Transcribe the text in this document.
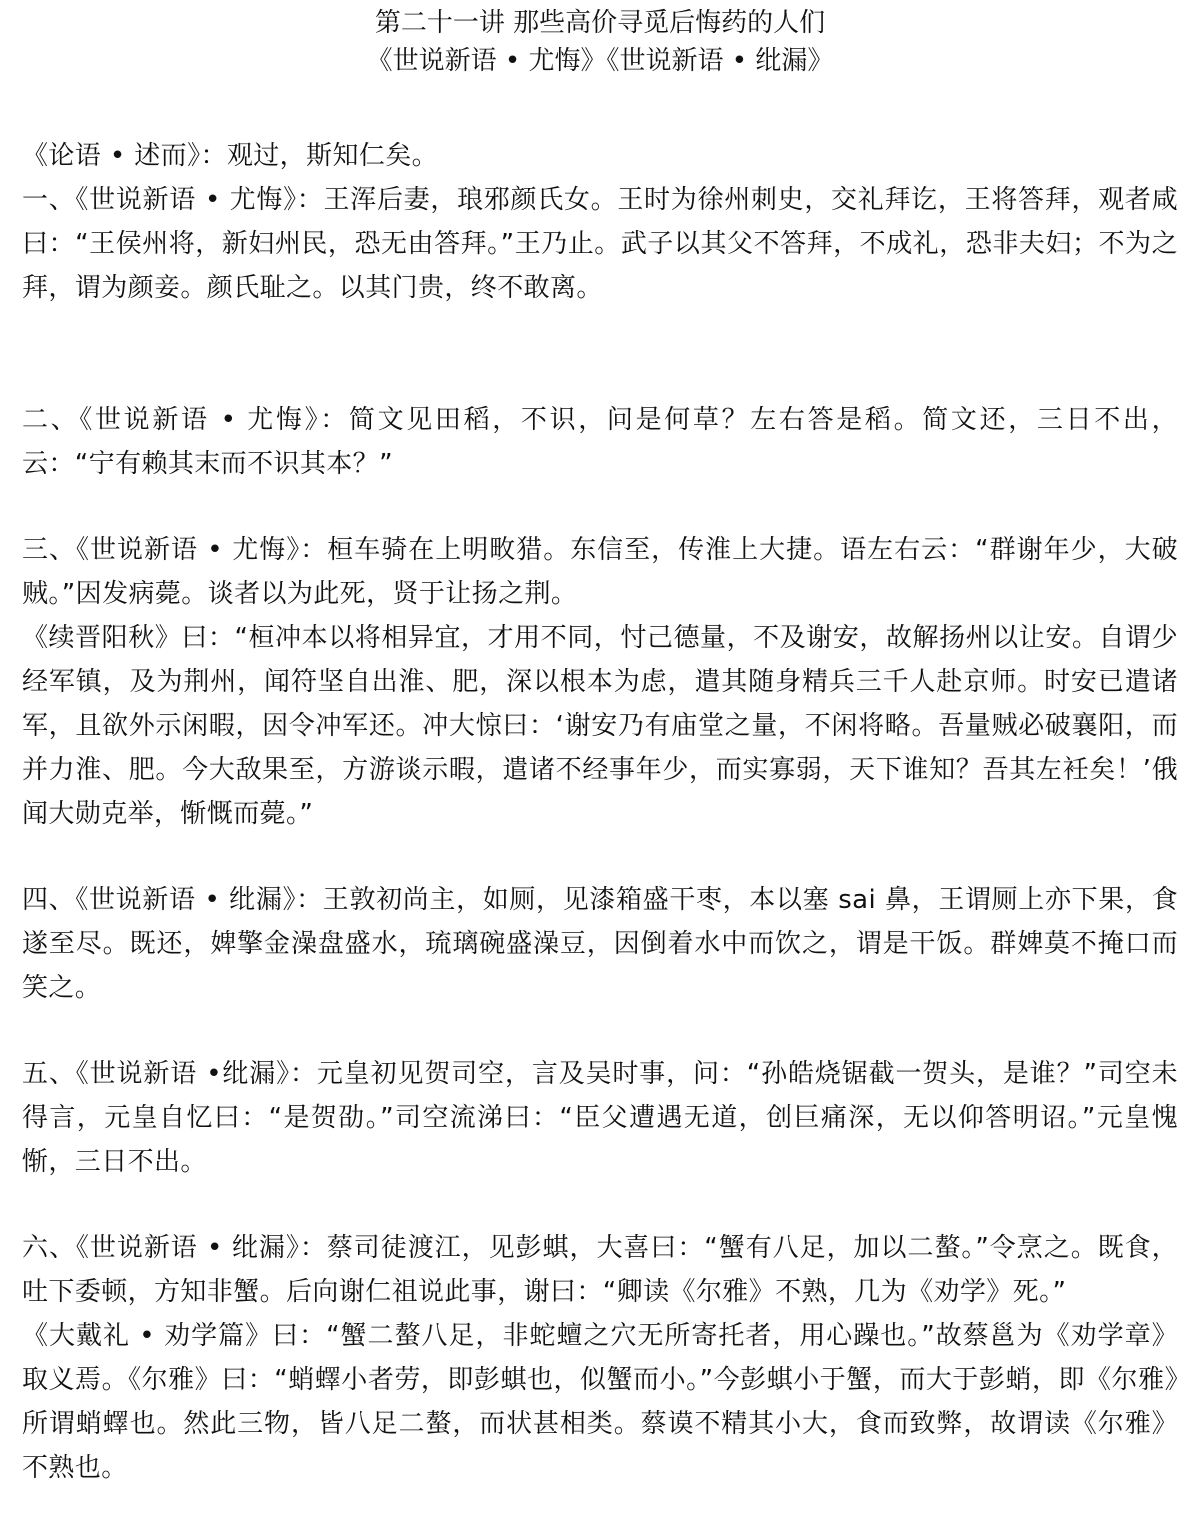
第二十一讲 那些高价寻觅后悔药的人们
《世说新语 • 尤悔》《世说新语 • 纰漏》

《论语 • 述而》：观过，斯知仁矣。

一、《世说新语 • 尤悔》：王浑后妻，琅邪颜氏女。王时为徐州刺史，交礼拜讫，王将答拜，观者咸曰：“王侯州将，新妇州民，恐无由答拜。”王乃止。武子以其父不答拜，不成礼，恐非夫妇；不为之拜，谓为颜妾。颜氏耻之。以其门贵，终不敢离。

二、《世说新语 • 尤悔》：简文见田稻，不识，问是何草？左右答是稻。简文还，三日不出，云：“宁有赖其末而不识其本？”

三、《世说新语 • 尤悔》：桓车骑在上明畋猎。东信至，传淮上大捷。语左右云：“群谢年少，大破贼。”因发病薨。谈者以为此死，贤于让扬之荆。

《续晋阳秋》曰：“桓冲本以将相异宜，才用不同，忖己德量，不及谢安，故解扬州以让安。自谓少经军镇，及为荆州，闻符坚自出淮、肥，深以根本为虑，遣其随身精兵三千人赴京师。时安已遣诸军，且欲外示闲暇，因令冲军还。冲大惊曰：‘谢安乃有庙堂之量，不闲将略。吾量贼必破襄阳，而并力淮、肥。今大敌果至，方游谈示暇，遣诸不经事年少，而实寡弱，天下谁知？吾其左衽矣！’俄闻大勋克举，惭慨而薨。”

四、《世说新语 • 纰漏》：王敦初尚主，如厕，见漆箱盛干枣，本以塞 sai 鼻，王谓厕上亦下果，食遂至尽。既还，婢擎金澡盘盛水，琉璃碗盛澡豆，因倒着水中而饮之，谓是干饭。群婢莫不掩口而笑之。

五、《世说新语 •纰漏》：元皇初见贺司空，言及吴时事，问：“孙皓烧锯截一贺头，是谁？”司空未得言，元皇自忆曰：“是贺劭。”司空流涕曰：“臣父遭遇无道，创巨痛深，无以仰答明诏。”元皇愧惭，三日不出。

六、《世说新语 • 纰漏》：蔡司徒渡江，见彭蜞，大喜曰：“蟹有八足，加以二螯。”令烹之。既食，吐下委顿，方知非蟹。后向谢仁祖说此事，谢曰：“卿读《尔雅》不熟，几为《劝学》死。”

《大戴礼 • 劝学篇》曰：“蟹二螯八足，非蛇蟺之穴无所寄托者，用心躁也。”故蔡邕为《劝学章》取义焉。《尔雅》曰：“蛸蠌小者劳，即彭蜞也，似蟹而小。”今彭蜞小于蟹，而大于彭蛸，即《尔雅》所谓蛸蠌也。然此三物，皆八足二螯，而状甚相类。蔡谟不精其小大，食而致弊，故谓读《尔雅》不熟也。
